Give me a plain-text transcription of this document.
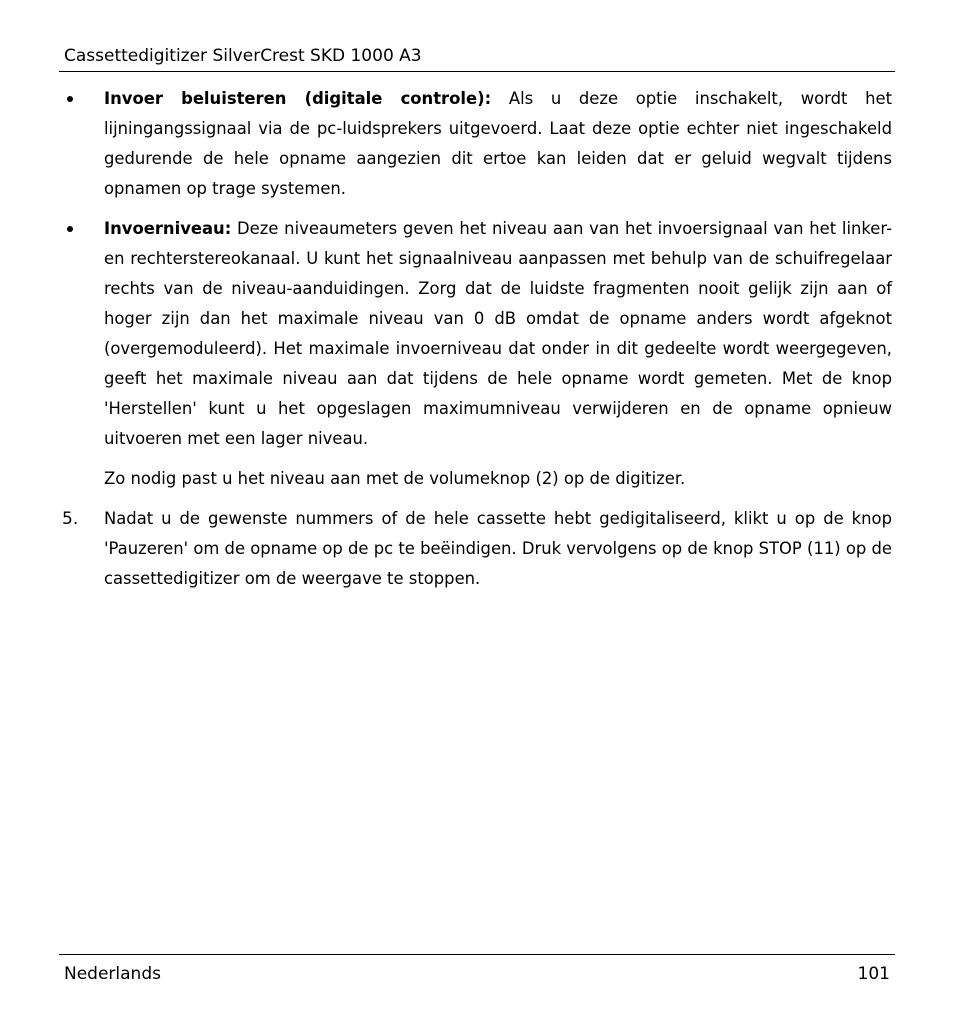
Cassettedigitizer SilverCrest SKD 1000 A3

Invoer beluisteren (digitale controle): Als u deze optie inschakelt, wordt het lijningangssignaal via de pc-luidsprekers uitgevoerd. Laat deze optie echter niet ingeschakeld gedurende de hele opname aangezien dit ertoe kan leiden dat er geluid wegvalt tijdens opnamen op trage systemen.

Invoerniveau: Deze niveaumeters geven het niveau aan van het invoersignaal van het linker- en rechterstereokanaal. U kunt het signaalniveau aanpassen met behulp van de schuifregelaar rechts van de niveau-aanduidingen. Zorg dat de luidste fragmenten nooit gelijk zijn aan of hoger zijn dan het maximale niveau van 0 dB omdat de opname anders wordt afgeknot (overgemoduleerd). Het maximale invoerniveau dat onder in dit gedeelte wordt weergegeven, geeft het maximale niveau aan dat tijdens de hele opname wordt gemeten. Met de knop 'Herstellen' kunt u het opgeslagen maximumniveau verwijderen en de opname opnieuw uitvoeren met een lager niveau.

Zo nodig past u het niveau aan met de volumeknop (2) op de digitizer.

5. Nadat u de gewenste nummers of de hele cassette hebt gedigitaliseerd, klikt u op de knop 'Pauzeren' om de opname op de pc te beëindigen. Druk vervolgens op de knop STOP (11) op de cassettedigitizer om de weergave te stoppen.

Nederlands	101
